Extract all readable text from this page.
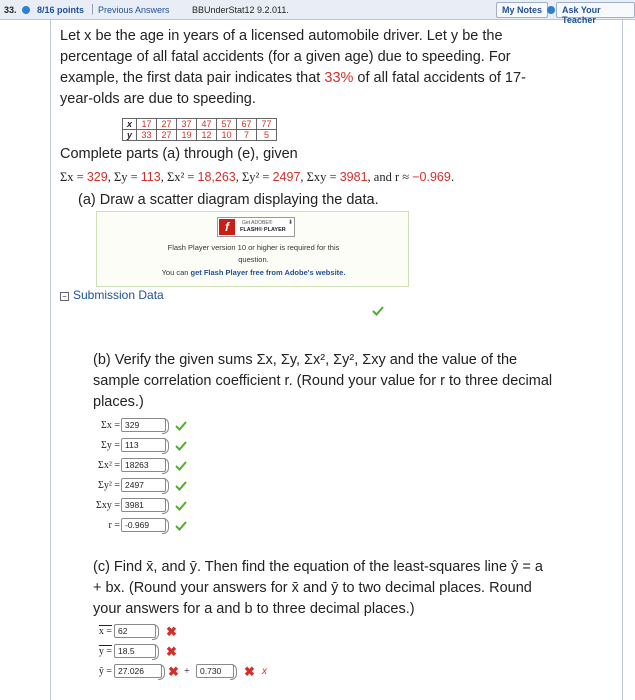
33. 8/16 points | Previous Answers BBUnderStat12 9.2.011.	My Notes	Ask Your Teacher
Let x be the age in years of a licensed automobile driver. Let y be the
percentage of all fatal accidents (for a given age) due to speeding. For
example, the first data pair indicates that 33% of all fatal accidents of 17-
year-olds are due to speeding.
x	17	27	37	47	57	67	77
y	33	27	19	12	10	7	5
Complete parts (a) through (e), given
Σx = 329, Σy = 113, Σx² = 18,263, Σy² = 2497, Σxy = 3981, and r ≈ −0.969.
(a) Draw a scatter diagram displaying the data.
f	Get ADOBE®
FLASH® PLAYER
⬇
Flash Player version 10 or higher is required for this
question.
You can get Flash Player free from Adobe's website.
− Submission Data
(b) Verify the given sums Σx, Σy, Σx², Σy², Σxy and the value of the
sample correlation coefficient r. (Round your value for r to three decimal
places.)
Σx = 329
Σy = 113
Σx² = 18263
Σy² = 2497
Σxy = 3981
r = -0.969
(c) Find x̄, and ȳ. Then find the equation of the least-squares line ŷ = a
+ bx. (Round your answers for x̄ and ȳ to two decimal places. Round
your answers for a and b to three decimal places.)
x = 62	✖
y = 18.5	✖
ŷ = 27.026	✖ +	0.730	✖ x
